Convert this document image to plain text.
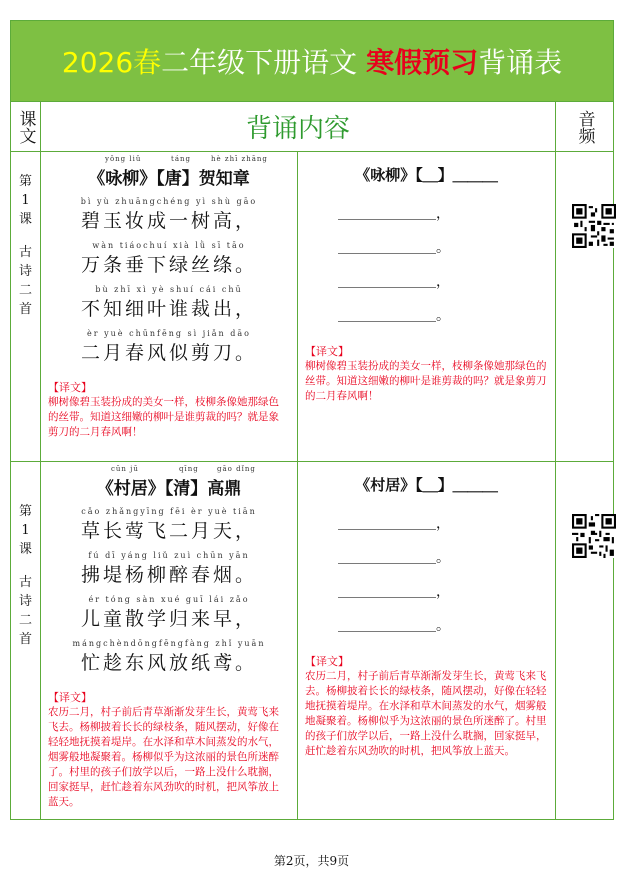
2026春二年级下册语文 寒假预习背诵表
课文	背诵内容	音频
第
1
课
古
诗
二
首
yǒng liǔ	táng	hè zhī zhāng
《咏柳》【唐】贺知章
bì yù zhuāngchéng yì shù gāo
碧玉妆成一树高，
wàn tiáochuí xià lǜ sī tāo
万条垂下绿丝绦。
bù zhī xì yè shuí cái chū
不知细叶谁裁出，
èr yuè chūnfēng sì jiǎn dāo
二月春风似剪刀。
【译文】
柳树像碧玉装扮成的美女一样，枝柳条像她那绿色的丝带。知道这细嫩的柳叶是谁剪裁的吗？就是象剪刀的二月春风啊！
《咏柳》【＿】＿＿＿
＿＿＿＿＿＿＿，
＿＿＿＿＿＿＿。
＿＿＿＿＿＿＿，
＿＿＿＿＿＿＿。
【译文】
柳树像碧玉装扮成的美女一样，枝柳条像她那绿色的丝带。知道这细嫩的柳叶是谁剪裁的吗？就是象剪刀的二月春风啊！
第
1
课
古
诗
二
首
cūn jū	qīng	gāo dǐng
《村居》【清】高鼎
cǎo zhǎngyīng fēi èr yuè tiān
草长莺飞二月天，
fú dī yáng liǔ zuì chūn yān
拂堤杨柳醉春烟。
ér tóng sàn xué guī lái zǎo
儿童散学归来早，
mángchèndōngfēngfàng zhǐ yuān
忙趁东风放纸鸢。
【译文】
农历二月，村子前后青草渐渐发芽生长，黄莺飞来飞去。杨柳披着长长的绿枝条，随风摆动，好像在轻轻地抚摸着堤岸。在水泽和草木间蒸发的水气，烟雾般地凝聚着。杨柳似乎为这浓丽的景色所迷醉了。村里的孩子们放学以后，一路上没什么耽搁，回家挺早，赶忙趁着东风劲吹的时机，把风筝放上蓝天。
《村居》【＿】＿＿＿
＿＿＿＿＿＿＿，
＿＿＿＿＿＿＿。
＿＿＿＿＿＿＿，
＿＿＿＿＿＿＿。
【译文】
农历二月，村子前后青草渐渐发芽生长，黄莺飞来飞去。杨柳披着长长的绿枝条，随风摆动，好像在轻轻地抚摸着堤岸。在水泽和草木间蒸发的水气，烟雾般地凝聚着。杨柳似乎为这浓丽的景色所迷醉了。村里的孩子们放学以后，一路上没什么耽搁，回家挺早，赶忙趁着东风劲吹的时机，把风筝放上蓝天。
第2页，共9页
